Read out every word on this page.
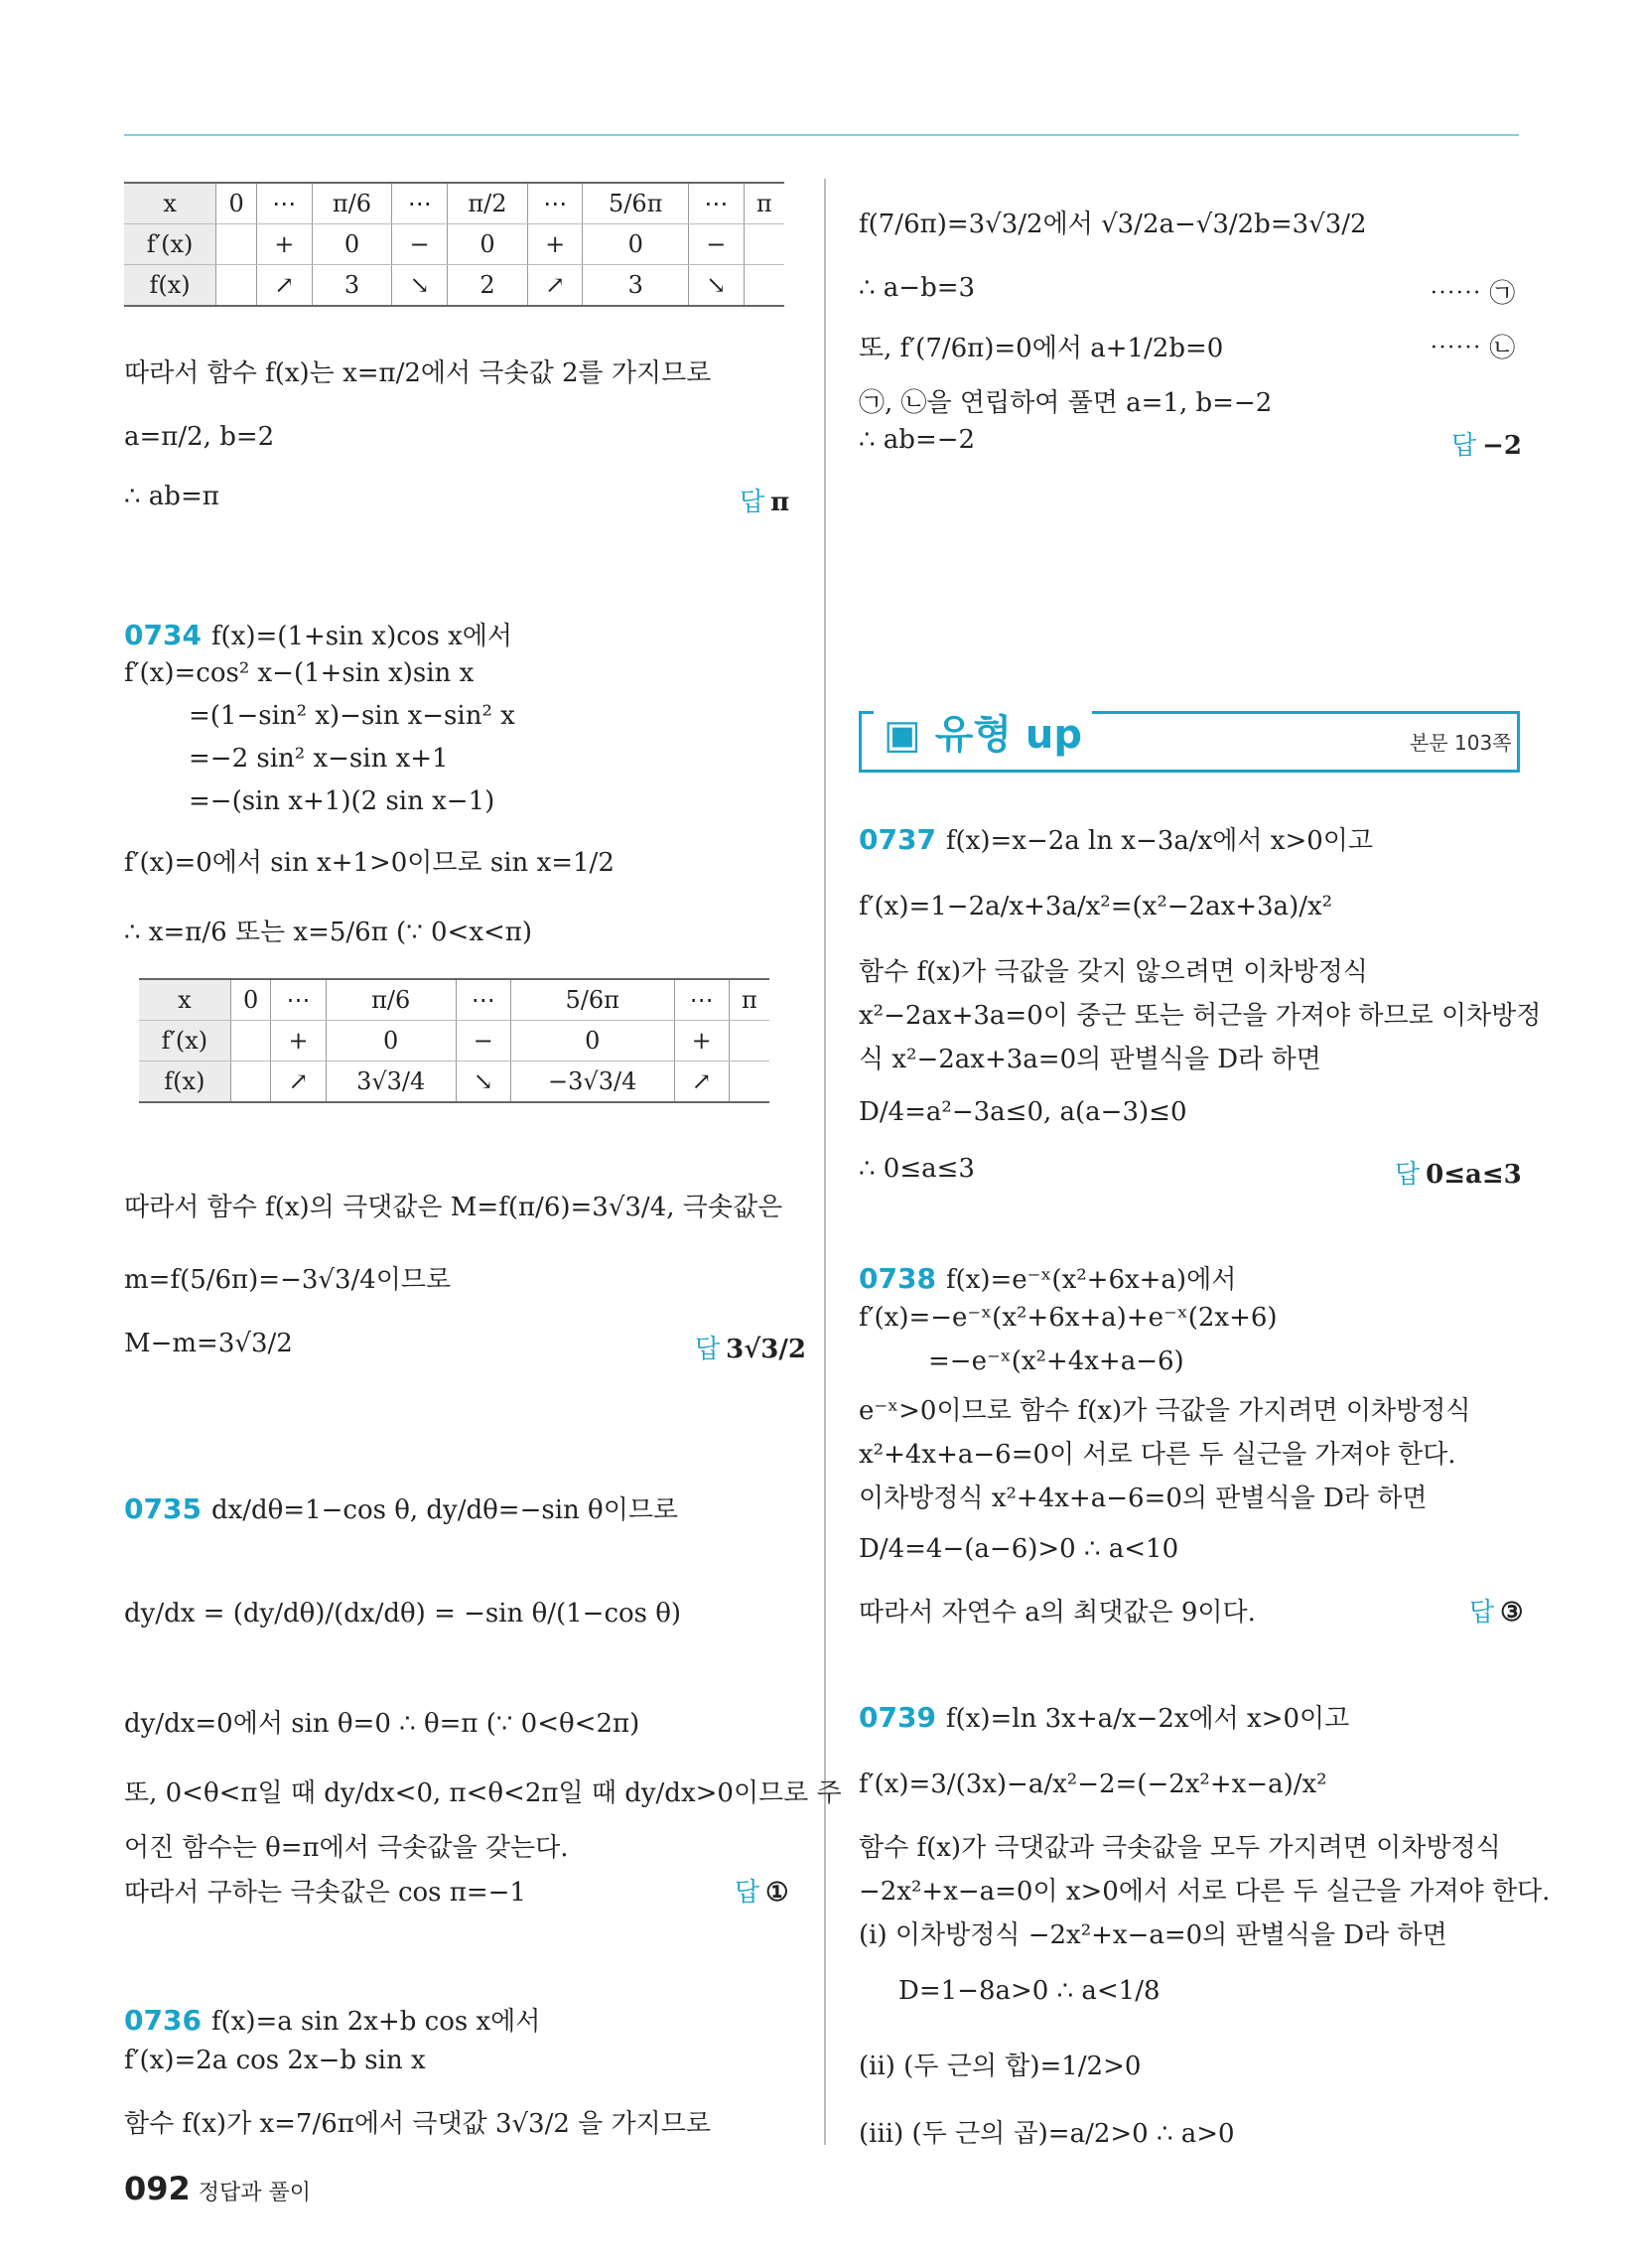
x	0	⋯	π/6	⋯	π/2	⋯	5/6π	⋯	π
f′(x)		+	0	−	0	+	0	−	
f(x)		↗	3	↘	2	↗	3	↘	
따라서 함수 f(x)는 x=π/2에서 극솟값 2를 가지므로
a=π/2, b=2
∴ ab=π	답 π
0734 f(x)=(1+sin x)cos x에서
f′(x)=cos² x−(1+sin x)sin x
=(1−sin² x)−sin x−sin² x
=−2 sin² x−sin x+1
=−(sin x+1)(2 sin x−1)
f′(x)=0에서 sin x+1>0이므로 sin x=1/2
∴ x=π/6 또는 x=5/6π (∵ 0<x<π)
x	0	⋯	π/6	⋯	5/6π	⋯	π
f′(x)		+	0	−	0	+	
f(x)		↗	3√3/4	↘	−3√3/4	↗	
따라서 함수 f(x)의 극댓값은 M=f(π/6)=3√3/4, 극솟값은
m=f(5/6π)=−3√3/4이므로
M−m=3√3/2	답 3√3/2
0735 dx/dθ=1−cos θ, dy/dθ=−sin θ이므로
dy/dx = (dy/dθ)/(dx/dθ) = −sin θ/(1−cos θ)
dy/dx=0에서 sin θ=0 ∴ θ=π (∵ 0<θ<2π)
또, 0<θ<π일 때 dy/dx<0, π<θ<2π일 때 dy/dx>0이므로 주
어진 함수는 θ=π에서 극솟값을 갖는다.
따라서 구하는 극솟값은 cos π=−1	답 ①
0736 f(x)=a sin 2x+b cos x에서
f′(x)=2a cos 2x−b sin x
함수 f(x)가 x=7/6π에서 극댓값 3√3/2 을 가지므로
f(7/6π)=3√3/2에서 √3/2a−√3/2b=3√3/2
∴ a−b=3	⋯⋯ ㉠
또, f′(7/6π)=0에서 a+1/2b=0	⋯⋯ ㉡
㉠, ㉡을 연립하여 풀면 a=1, b=−2
∴ ab=−2	답 −2
▣ 유형 up	본문 103쪽
0737 f(x)=x−2a ln x−3a/x에서 x>0이고
f′(x)=1−2a/x+3a/x²=(x²−2ax+3a)/x²
함수 f(x)가 극값을 갖지 않으려면 이차방정식
x²−2ax+3a=0이 중근 또는 허근을 가져야 하므로 이차방정
식 x²−2ax+3a=0의 판별식을 D라 하면
D/4=a²−3a≤0, a(a−3)≤0
∴ 0≤a≤3	답 0≤a≤3
0738 f(x)=e⁻ˣ(x²+6x+a)에서
f′(x)=−e⁻ˣ(x²+6x+a)+e⁻ˣ(2x+6)
=−e⁻ˣ(x²+4x+a−6)
e⁻ˣ>0이므로 함수 f(x)가 극값을 가지려면 이차방정식
x²+4x+a−6=0이 서로 다른 두 실근을 가져야 한다.
이차방정식 x²+4x+a−6=0의 판별식을 D라 하면
D/4=4−(a−6)>0 ∴ a<10
따라서 자연수 a의 최댓값은 9이다.	답 ③
0739 f(x)=ln 3x+a/x−2x에서 x>0이고
f′(x)=3/(3x)−a/x²−2=(−2x²+x−a)/x²
함수 f(x)가 극댓값과 극솟값을 모두 가지려면 이차방정식
−2x²+x−a=0이 x>0에서 서로 다른 두 실근을 가져야 한다.
(i) 이차방정식 −2x²+x−a=0의 판별식을 D라 하면
D=1−8a>0 ∴ a<1/8
(ii) (두 근의 합)=1/2>0
(iii) (두 근의 곱)=a/2>0 ∴ a>0
092 정답과 풀이
